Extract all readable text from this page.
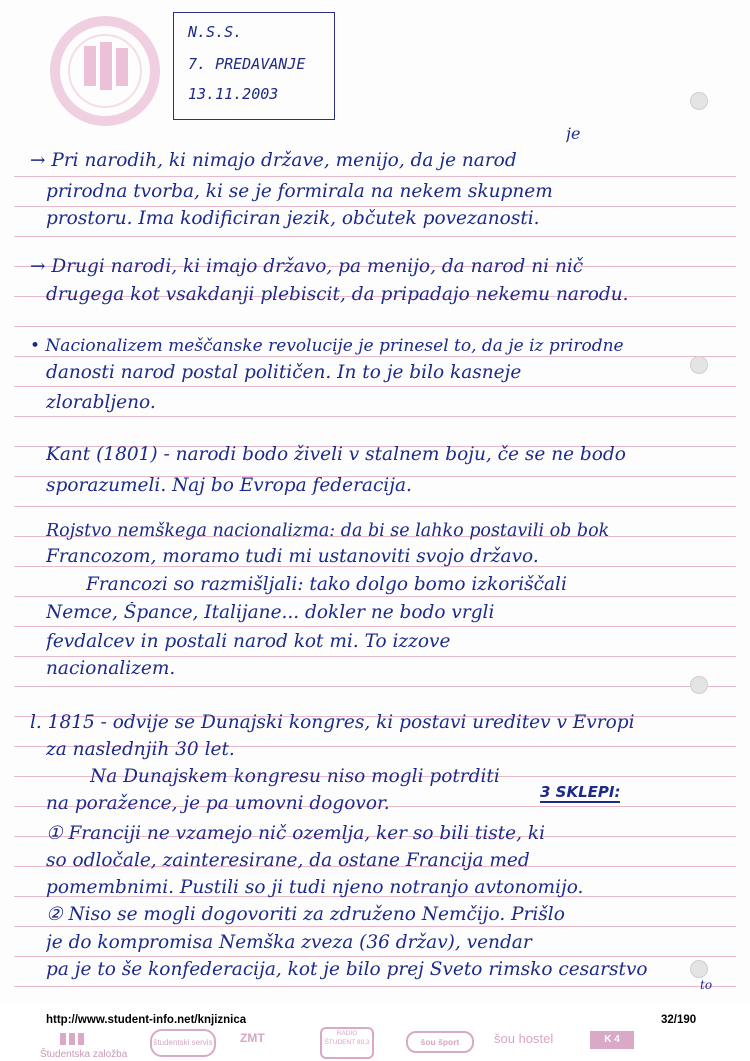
N.S.S.
7. PREDAVANJE
13.11.2003
je
→ Pri narodih, ki nimajo države, menijo, da je narod
prirodna tvorba, ki se je formirala na nekem skupnem
prostoru. Ima kodificiran jezik, občutek povezanosti.
→ Drugi narodi, ki imajo državo, pa menijo, da narod ni nič
drugega kot vsakdanji plebiscit, da pripadajo nekemu narodu.
• Nacionalizem meščanske revolucije je prinesel to, da je iz prirodne
danosti narod postal političen. In to je bilo kasneje
zlorabljeno.
Kant (1801) - narodi bodo živeli v stalnem boju, če se ne bodo
sporazumeli. Naj bo Evropa federacija.
Rojstvo nemškega nacionalizma: da bi se lahko postavili ob bok
Francozom, moramo tudi mi ustanoviti svojo državo.
Francozi so razmišljali: tako dolgo bomo izkoriščali
Nemce, Špance, Italijane... dokler ne bodo vrgli
fevdalcev in postali narod kot mi. To izzove
nacionalizem.
l. 1815 - odvije se Dunajski kongres, ki postavi ureditev v Evropi
za naslednjih 30 let.
Na Dunajskem kongresu niso mogli potrditi
na poražence, je pa umovni dogovor.
3 SKLEPI:
① Franciji ne vzamejo nič ozemlja, ker so bili tiste, ki
so odločale, zainteresirane, da ostane Francija med
pomembnimi. Pustili so ji tudi njeno notranjo avtonomijo.
② Niso se mogli dogovoriti za združeno Nemčijo. Prišlo
je do kompromisa Nemška zveza (36 držav), vendar
pa je to še konfederacija, kot je bilo prej Sveto rimsko cesarstvo
to
http://www.student-info.net/knjiznica	32/190
Študentska založba
študentski servis ZMT	RADIO ŠTUDENT 89,3	šou šport	šou hostel	K 4
